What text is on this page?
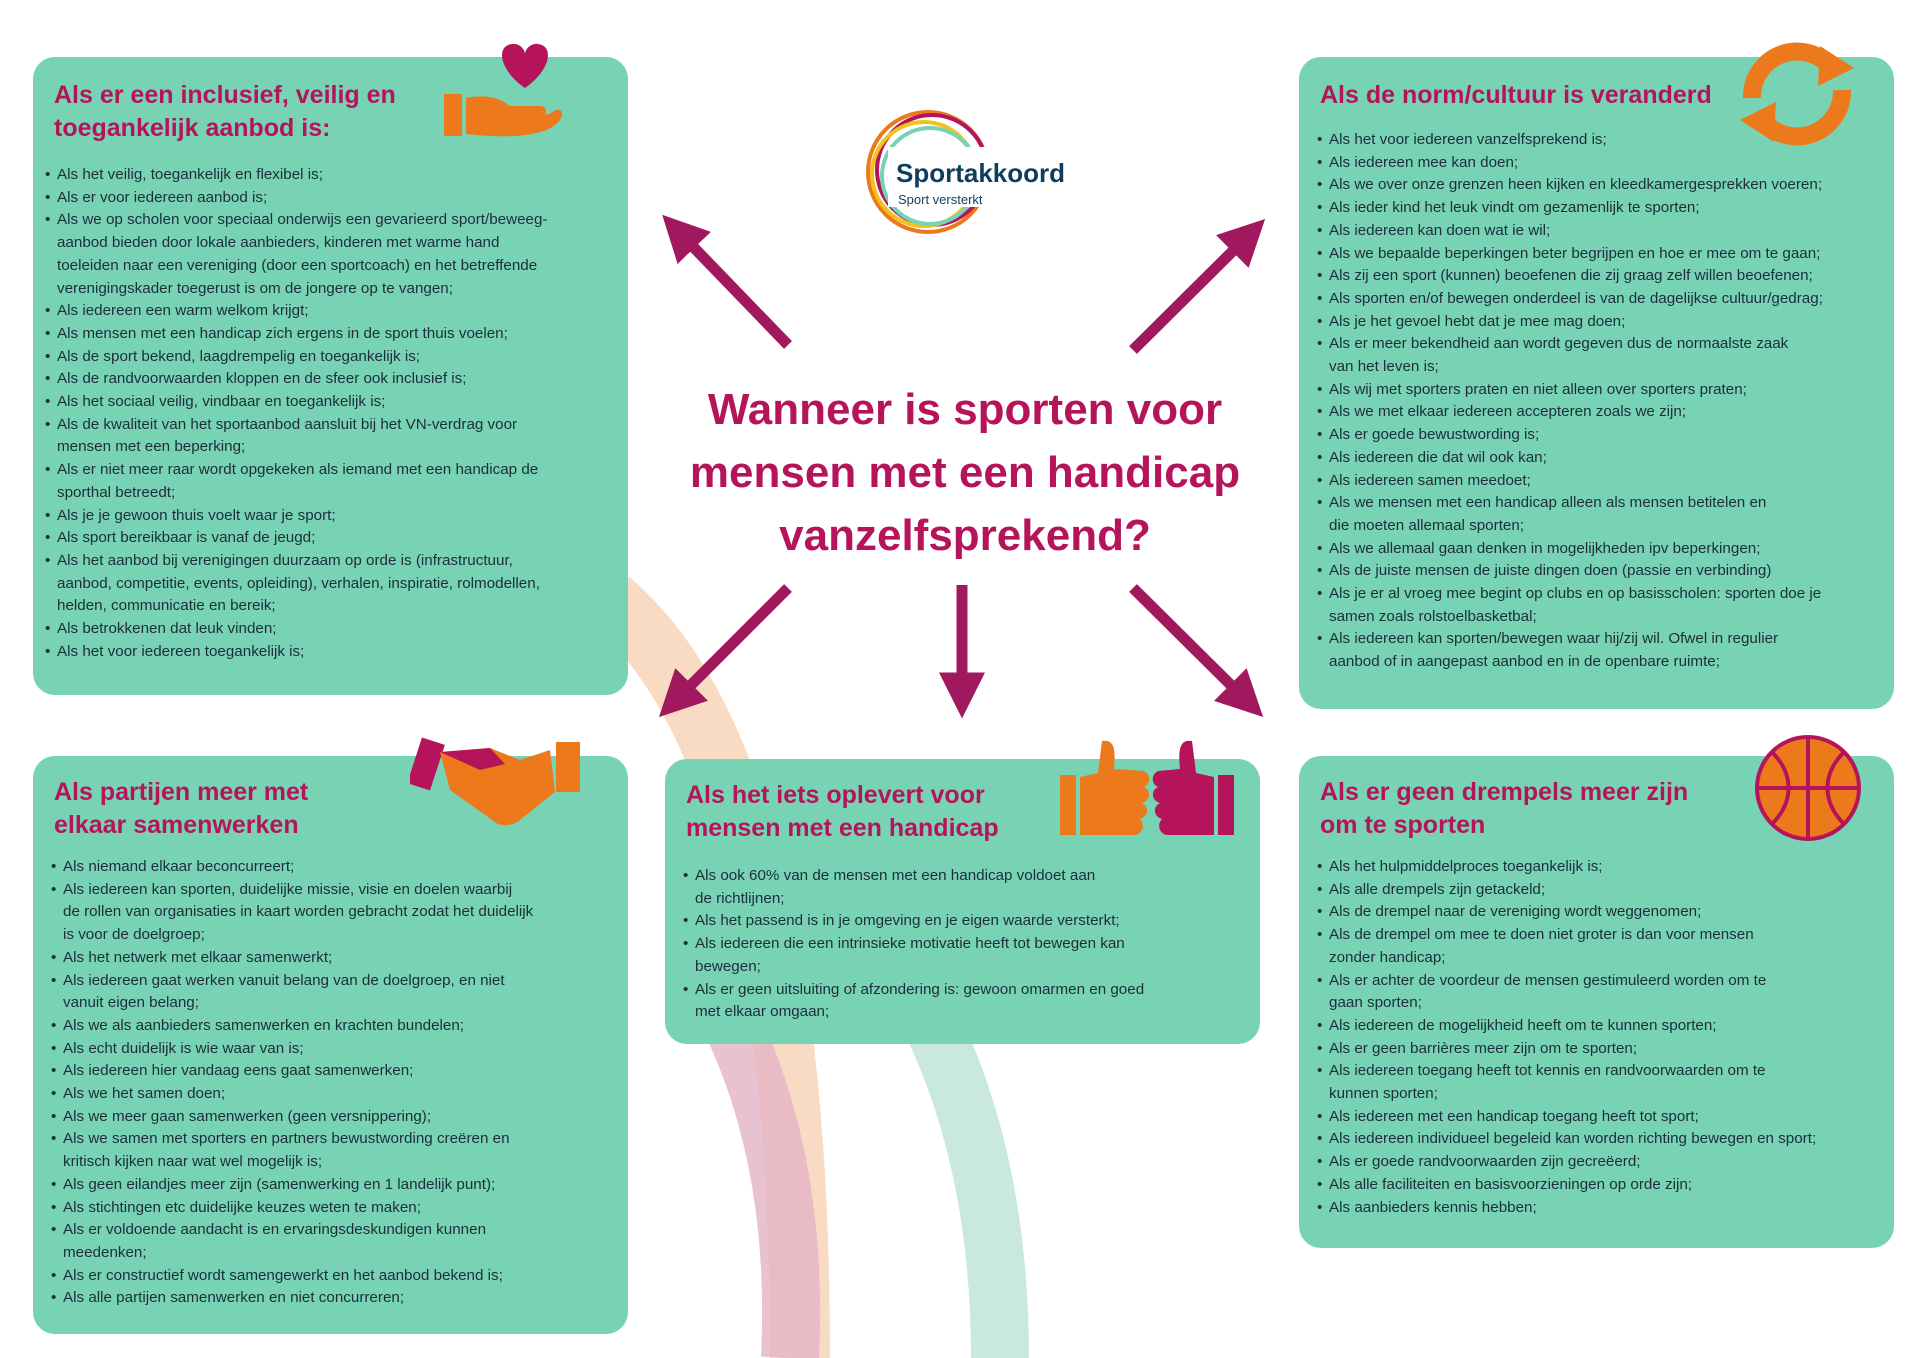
Sportakkoord
Sport versterkt
Wanneer is sporten voor
mensen met een handicap
vanzelfsprekend?
Als er een inclusief, veilig en
toegankelijk aanbod is:
• Als het veilig, toegankelijk en flexibel is;
• Als er voor iedereen aanbod is;
• Als we op scholen voor speciaal onderwijs een gevarieerd sport/beweeg-
aanbod bieden door lokale aanbieders, kinderen met warme hand
toeleiden naar een vereniging (door een sportcoach) en het betreffende
verenigingskader toegerust is om de jongere op te vangen;
• Als iedereen een warm welkom krijgt;
• Als mensen met een handicap zich ergens in de sport thuis voelen;
• Als de sport bekend, laagdrempelig en toegankelijk is;
• Als de randvoorwaarden kloppen en de sfeer ook inclusief is;
• Als het sociaal veilig, vindbaar en toegankelijk is;
• Als de kwaliteit van het sportaanbod aansluit bij het VN-verdrag voor
mensen met een beperking;
• Als er niet meer raar wordt opgekeken als iemand met een handicap de
sporthal betreedt;
• Als je je gewoon thuis voelt waar je sport;
• Als sport bereikbaar is vanaf de jeugd;
• Als het aanbod bij verenigingen duurzaam op orde is (infrastructuur,
aanbod, competitie, events, opleiding), verhalen, inspiratie, rolmodellen,
helden, communicatie en bereik;
• Als betrokkenen dat leuk vinden;
• Als het voor iedereen toegankelijk is;
Als de norm/cultuur is veranderd
• Als het voor iedereen vanzelfsprekend is;
• Als iedereen mee kan doen;
• Als we over onze grenzen heen kijken en kleedkamergesprekken voeren;
• Als ieder kind het leuk vindt om gezamenlijk te sporten;
• Als iedereen kan doen wat ie wil;
• Als we bepaalde beperkingen beter begrijpen en hoe er mee om te gaan;
• Als zij een sport (kunnen) beoefenen die zij graag zelf willen beoefenen;
• Als sporten en/of bewegen onderdeel is van de dagelijkse cultuur/gedrag;
• Als je het gevoel hebt dat je mee mag doen;
• Als er meer bekendheid aan wordt gegeven dus de normaalste zaak
van het leven is;
• Als wij met sporters praten en niet alleen over sporters praten;
• Als we met elkaar iedereen accepteren zoals we zijn;
• Als er goede bewustwording is;
• Als iedereen die dat wil ook kan;
• Als iedereen samen meedoet;
• Als we mensen met een handicap alleen als mensen betitelen en
die moeten allemaal sporten;
• Als we allemaal gaan denken in mogelijkheden ipv beperkingen;
• Als de juiste mensen de juiste dingen doen (passie en verbinding)
• Als je er al vroeg mee begint op clubs en op basisscholen: sporten doe je
samen zoals rolstoelbasketbal;
• Als iedereen kan sporten/bewegen waar hij/zij wil. Ofwel in regulier
aanbod of in aangepast aanbod en in de openbare ruimte;
Als partijen meer met
elkaar samenwerken
• Als niemand elkaar beconcurreert;
• Als iedereen kan sporten, duidelijke missie, visie en doelen waarbij
de rollen van organisaties in kaart worden gebracht zodat het duidelijk
is voor de doelgroep;
• Als het netwerk met elkaar samenwerkt;
• Als iedereen gaat werken vanuit belang van de doelgroep, en niet
vanuit eigen belang;
• Als we als aanbieders samenwerken en krachten bundelen;
• Als echt duidelijk is wie waar van is;
• Als iedereen hier vandaag eens gaat samenwerken;
• Als we het samen doen;
• Als we meer gaan samenwerken (geen versnippering);
• Als we samen met sporters en partners bewustwording creëren en
kritisch kijken naar wat wel mogelijk is;
• Als geen eilandjes meer zijn (samenwerking en 1 landelijk punt);
• Als stichtingen etc duidelijke keuzes weten te maken;
• Als er voldoende aandacht is en ervaringsdeskundigen kunnen
meedenken;
• Als er constructief wordt samengewerkt en het aanbod bekend is;
• Als alle partijen samenwerken en niet concurreren;
Als het iets oplevert voor
mensen met een handicap
• Als ook 60% van de mensen met een handicap voldoet aan
de richtlijnen;
• Als het passend is in je omgeving en je eigen waarde versterkt;
• Als iedereen die een intrinsieke motivatie heeft tot bewegen kan
bewegen;
• Als er geen uitsluiting of afzondering is: gewoon omarmen en goed
met elkaar omgaan;
Als er geen drempels meer zijn
om te sporten
• Als het hulpmiddelproces toegankelijk is;
• Als alle drempels zijn getackeld;
• Als de drempel naar de vereniging wordt weggenomen;
• Als de drempel om mee te doen niet groter is dan voor mensen
zonder handicap;
• Als er achter de voordeur de mensen gestimuleerd worden om te
gaan sporten;
• Als iedereen de mogelijkheid heeft om te kunnen sporten;
• Als er geen barrières meer zijn om te sporten;
• Als iedereen toegang heeft tot kennis en randvoorwaarden om te
kunnen sporten;
• Als iedereen met een handicap toegang heeft tot sport;
• Als iedereen individueel begeleid kan worden richting bewegen en sport;
• Als er goede randvoorwaarden zijn gecreëerd;
• Als alle faciliteiten en basisvoorzieningen op orde zijn;
• Als aanbieders kennis hebben;
